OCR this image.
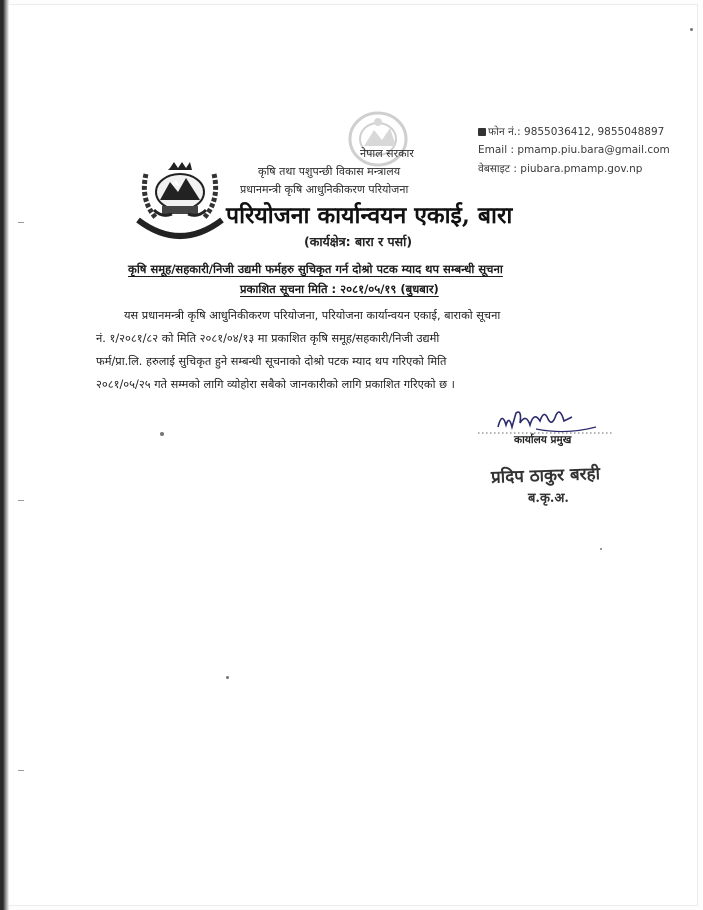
नेपाल सरकार
कृषि तथा पशुपन्छी विकास मन्त्रालय
प्रधानमन्त्री कृषि आधुनिकीकरण परियोजना
परियोजना कार्यान्वयन एकाई, बारा
(कार्यक्षेत्र: बारा र पर्सा)
फोन नं.: 9855036412, 9855048897
Email : pmamp.piu.bara@gmail.com
वेबसाइट : piubara.pmamp.gov.np
कृषि समूह/सहकारी/निजी उद्यमी फर्महरु सुचिकृत गर्न दोश्रो पटक म्याद थप सम्बन्धी सूचना
प्रकाशित सूचना मिति : २०८१/०५/१९ (बुधबार)
यस प्रधानमन्त्री कृषि आधुनिकीकरण परियोजना, परियोजना कार्यान्वयन एकाई, बाराको सूचना
नं. १/२०८१/८२ को मिति २०८१/०४/१३ मा प्रकाशित कृषि समूह/सहकारी/निजी उद्यमी
फर्म/प्रा.लि. हरुलाई सुचिकृत हुने सम्बन्धी सूचनाको दोश्रो पटक म्याद थप गरिएको मिति
२०८१/०५/२५ गते सम्मको लागि व्योहोरा सबैको जानकारीको लागि प्रकाशित गरिएको छ ।
कार्यालय प्रमुख
प्रदिप ठाकुर बरही
ब.कृ.अ.
